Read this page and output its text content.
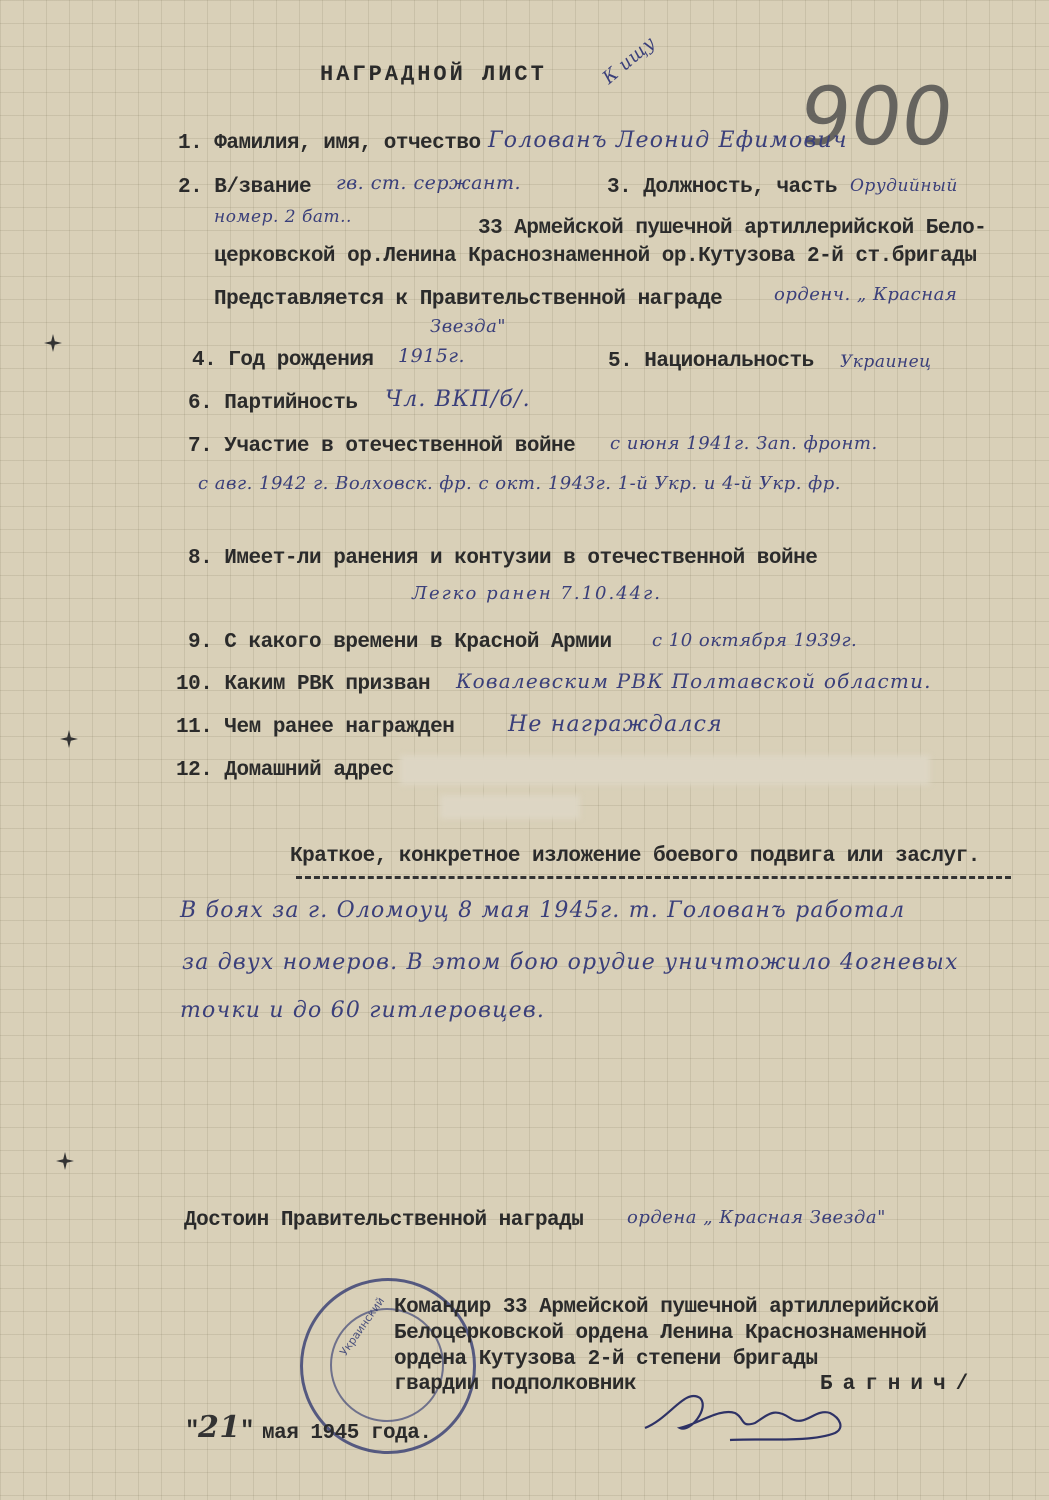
НАГРАДНОЙ ЛИСТ	К ищу
900
1. Фамилия, имя, отчество Голованъ Леонид Ефимович
2. В/звание гв. ст. сержант.	3. Должность, часть Орудийный
номер. 2 бат..	33 Армейской пушечной артиллерийской Бело-
церковской ор.Ленина Краснознаменной ор.Кутузова 2-й ст.бригады
Представляется к Правительственной награде	орденч. „ Красная
Звезда"
4. Год рождения 1915г.	5. Национальность Украинец
6. Партийность Чл. ВКП/б/.
7. Участие в отечественной войне с июня 1941г. Зап. фронт.
с авг. 1942 г. Волховск. фр. с окт. 1943г. 1-й Укр. и 4-й Укр. фр.
8. Имеет-ли ранения и контузии в отечественной войне
Легко ранен 7.10.44г.
9. С какого времени в Красной Армии с 10 октября 1939г.
10. Каким РВК призван Ковалевским РВК Полтавской области.
11. Чем ранее награжден Не награждался
12. Домашний адрес
Краткое, конкретное изложение боевого подвига или заслуг.
В боях за г. Оломоуц 8 мая 1945г. т. Голованъ работал
за двух номеров. В этом бою орудие уничтожило 4огневых
точки и до 60 гитлеровцев.
Достоин Правительственной награды ордена „ Красная Звезда"
Украинский Командир 33 Армейской пушечной артиллерийской
Белоцерковской ордена Ленина Краснознаменной
ордена Кутузова 2-й степени бригады
гвардии подполковник	Багнич/
" 21 " мая 1945 года.
